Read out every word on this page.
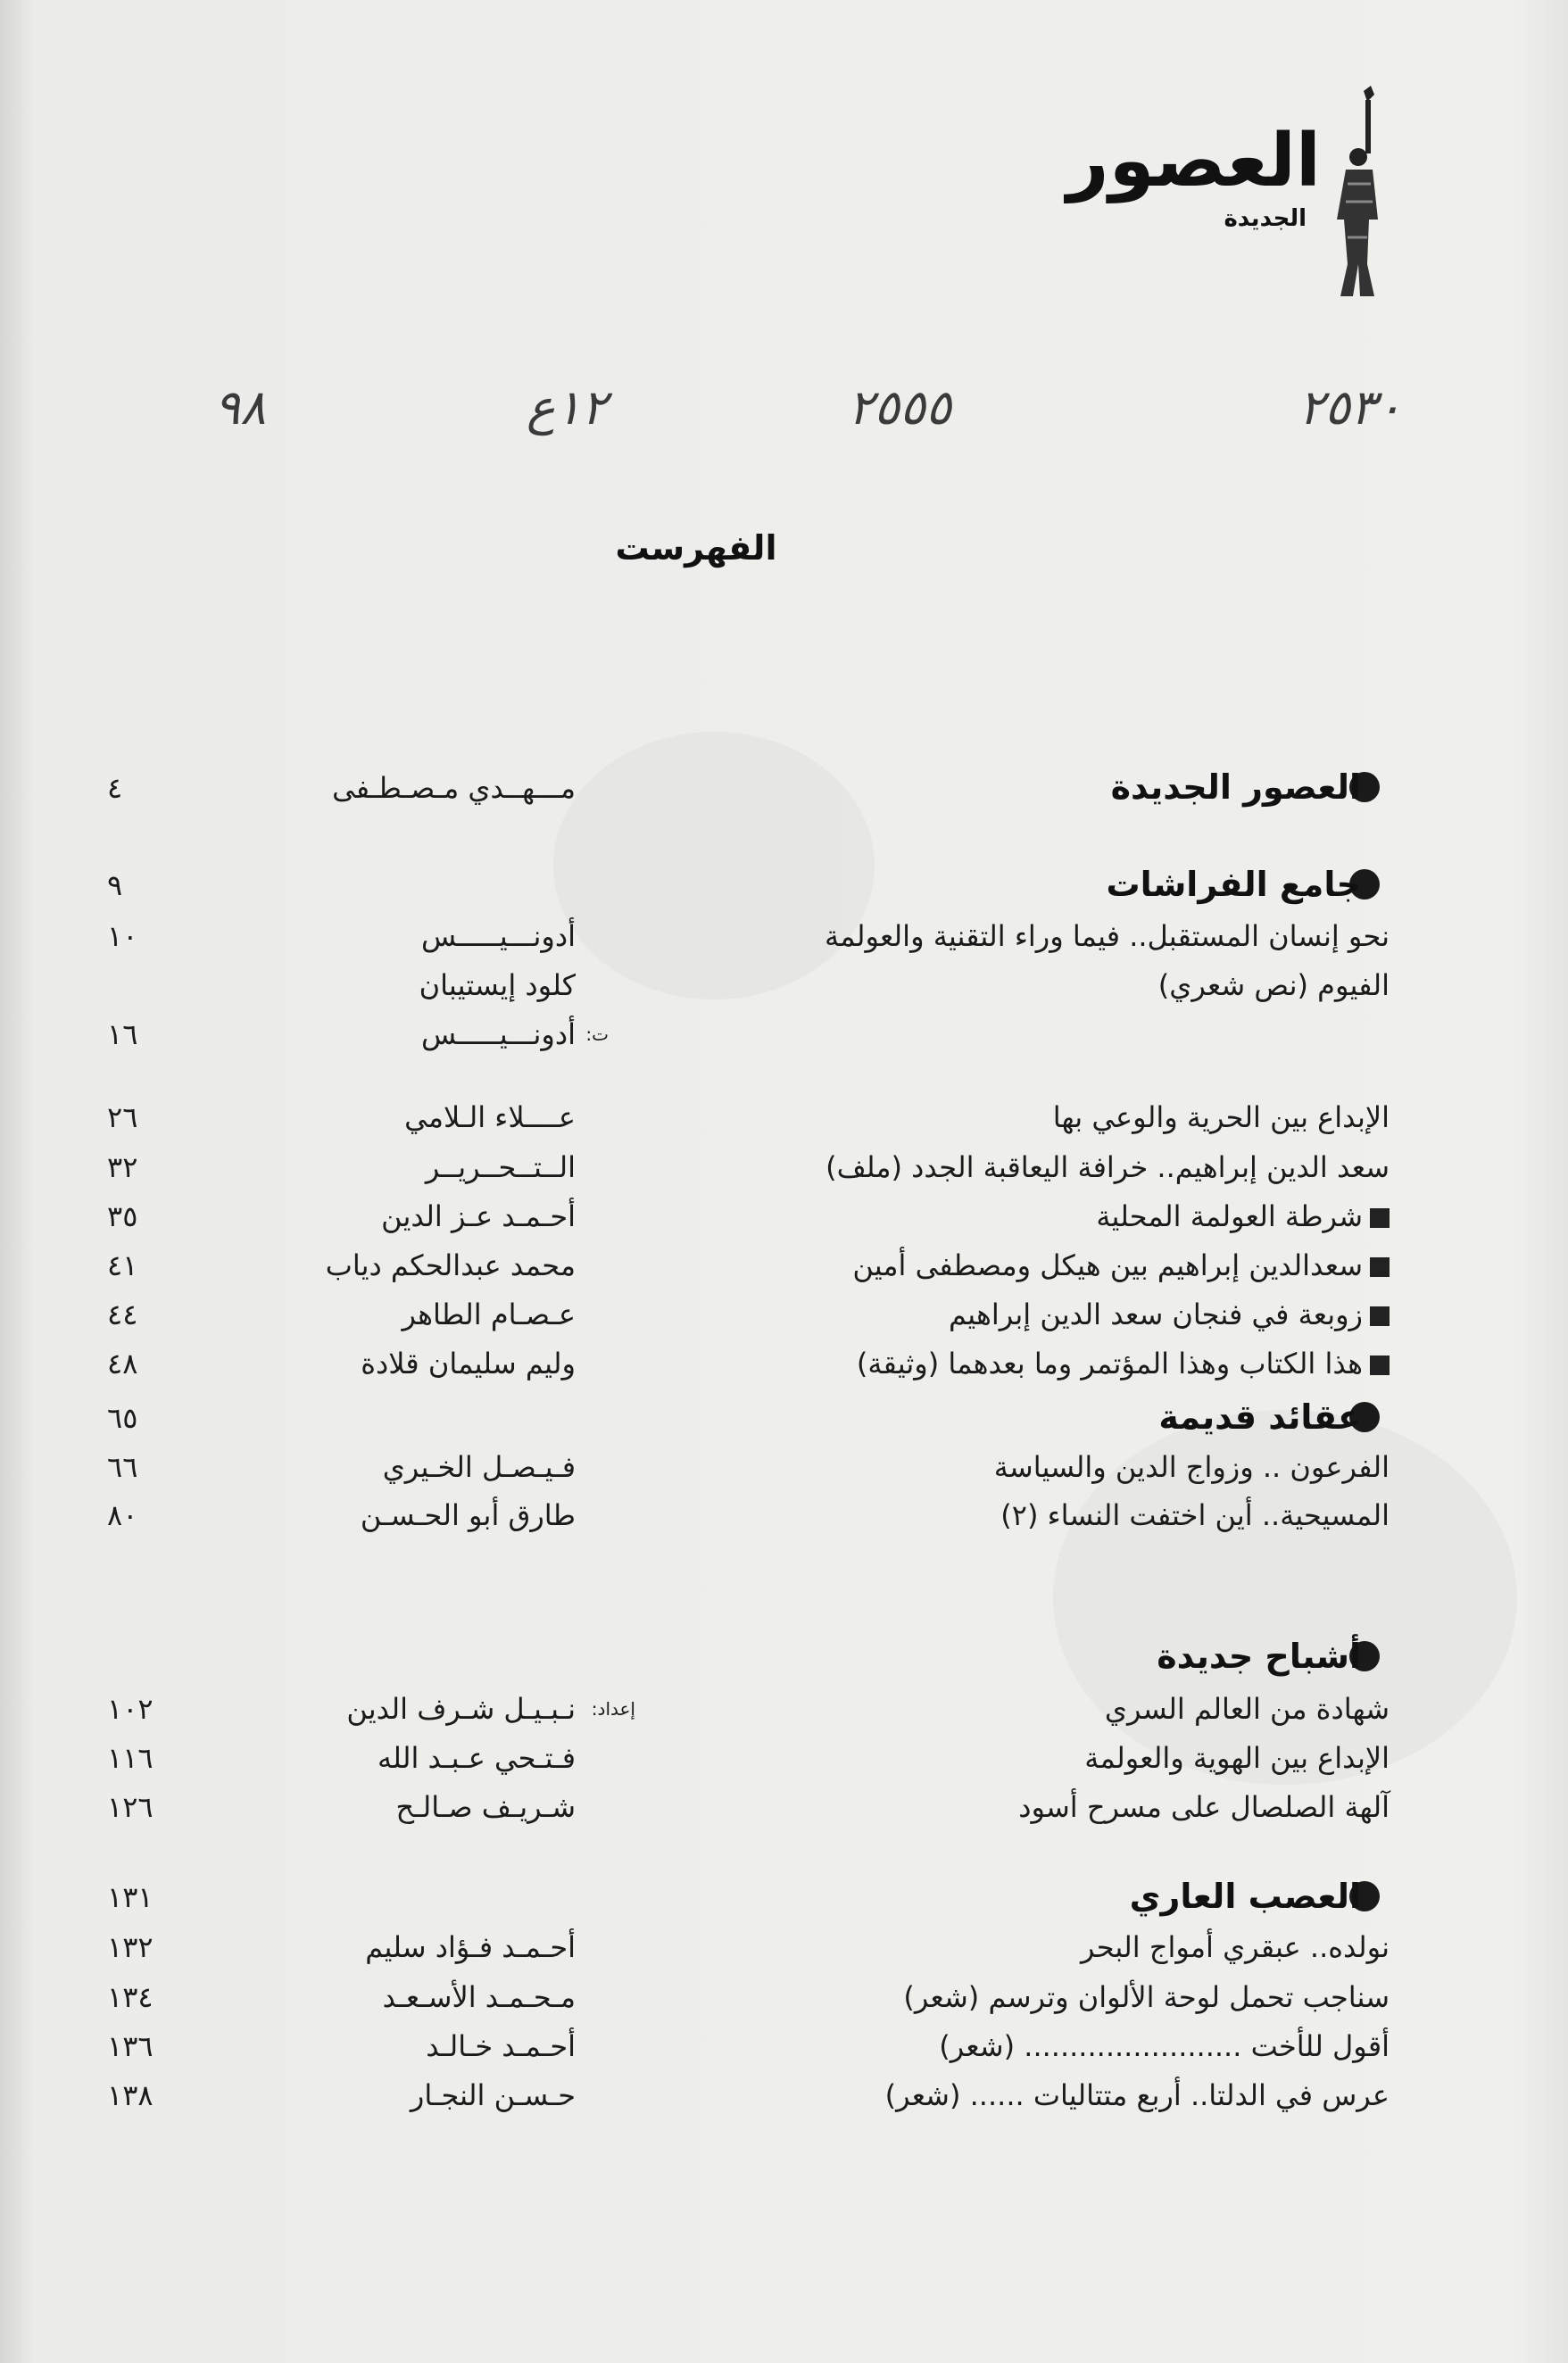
العصور
الجديدة
٢٥٣٠
٢٥٥٥
١٢ع
٩٨
الفهرست
العصور الجديدة
مـــهــدي مـصـطـفى
٤
جامع الفراشات
٩
نحو إنسان المستقبل.. فيما وراء التقنية والعولمة
أدونـــيـــــس
١٠
الفيوم (نص شعري)
كلود إيستيبان
ت:
أدونـــيـــــس
١٦
الإبداع بين الحرية والوعي بها
عــــلاء الـلامي
٢٦
سعد الدين إبراهيم.. خرافة اليعاقبة الجدد (ملف)
الــتــحــريــر
٣٢
شرطة العولمة المحلية
أحـمـد عـز الدين
٣٥
سعدالدين إبراهيم بين هيكل ومصطفى أمين
محمد عبدالحكم دياب
٤١
زوبعة في فنجان سعد الدين إبراهيم
عـصـام الطاهر
٤٤
هذا الكتاب وهذا المؤتمر وما بعدهما (وثيقة)
وليم سليمان قلادة
٤٨
عقائد قديمة
٦٥
الفرعون .. وزواج الدين والسياسة
فـيـصـل الخـيري
٦٦
المسيحية.. أين اختفت النساء (٢)
طارق أبو الحـسـن
٨٠
أشباح جديدة
شهادة من العالم السري
إعداد:
نـبـيـل شـرف الدين
١٠٢
الإبداع بين الهوية والعولمة
فـتـحي عـبـد الله
١١٦
آلهة الصلصال على مسرح أسود
شـريـف صـالـح
١٢٦
العصب العاري
١٣١
نولده.. عبقري أمواج البحر
أحـمـد فـؤاد سليم
١٣٢
سناجب تحمل لوحة الألوان وترسم (شعر)
مـحـمـد الأسـعـد
١٣٤
أقول للأخت ........................ (شعر)
أحـمـد خـالـد
١٣٦
عرس في الدلتا.. أربع متتاليات ...... (شعر)
حـسـن النجـار
١٣٨
